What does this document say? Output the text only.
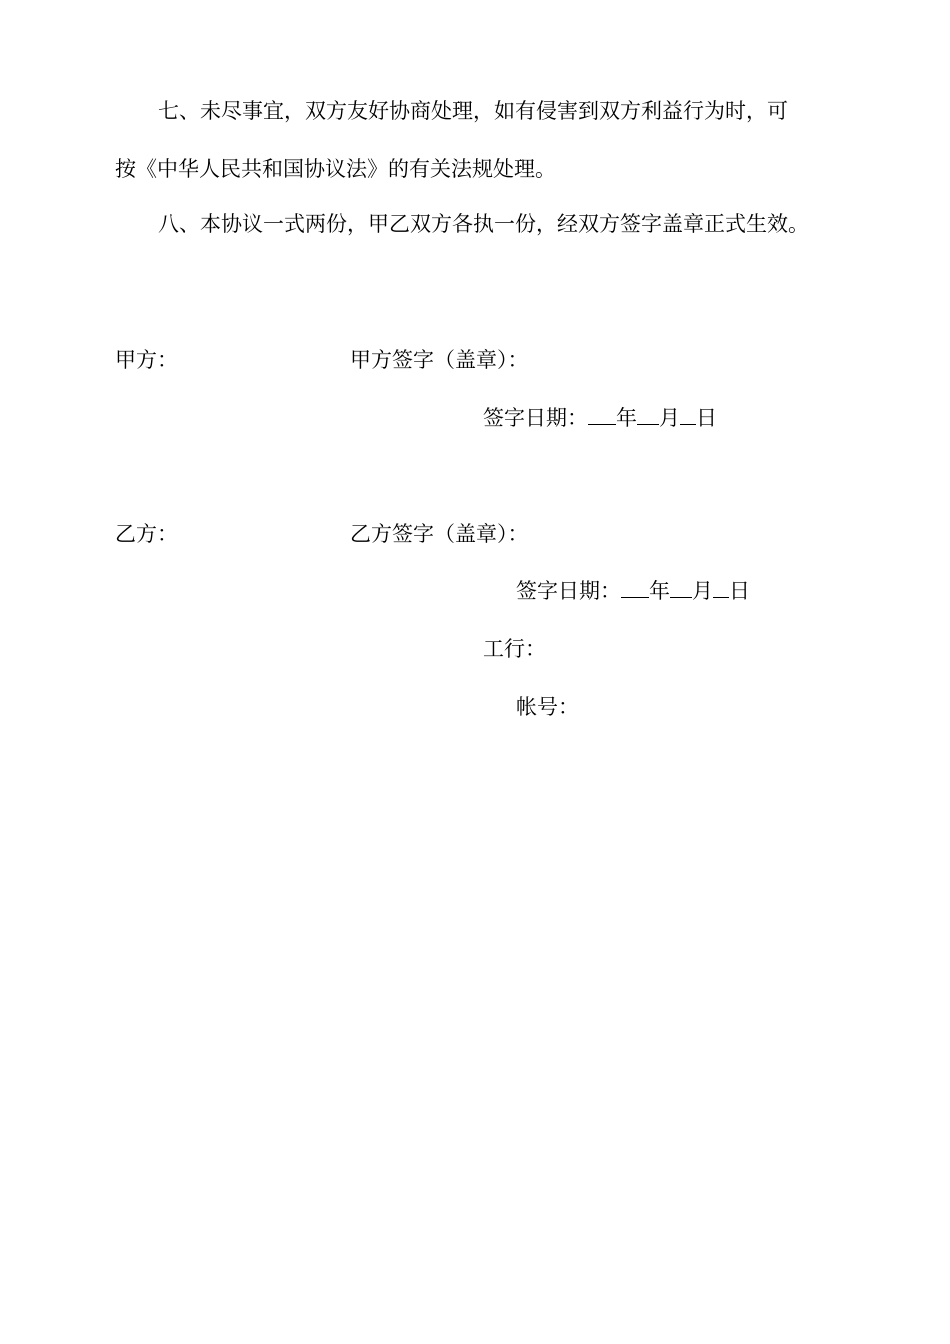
七、未尽事宜，双方友好协商处理，如有侵害到双方利益行为时，可
按《中华人民共和国协议法》的有关法规处理。
八、本协议一式两份，甲乙双方各执一份，经双方签字盖章正式生效。
甲方：	甲方签字（盖章）：
签字日期： 年 月 日
乙方：	乙方签字（盖章）：
签字日期： 年 月 日
工行：
帐号：
